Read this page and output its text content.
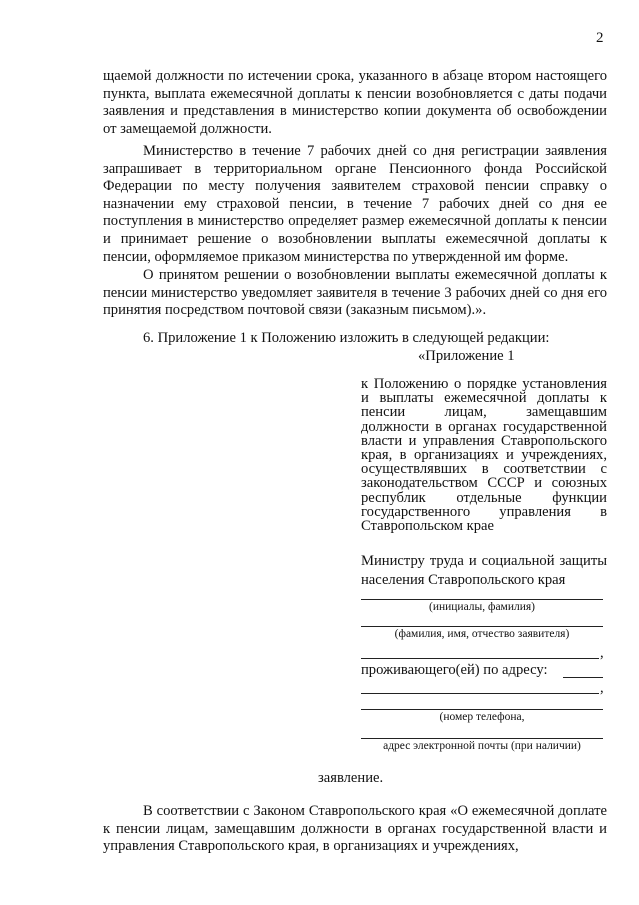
2

щаемой должности по истечении срока, указанного в абзаце втором настоящего пункта, выплата ежемесячной доплаты к пенсии возобновляется с даты подачи заявления и представления в министерство копии документа об освобождении от замещаемой должности.

Министерство в течение 7 рабочих дней со дня регистрации заявления запрашивает в территориальном органе Пенсионного фонда Российской Федерации по месту получения заявителем страховой пенсии справку о назначении ему страховой пенсии, в течение 7 рабочих дней со дня ее поступления в министерство определяет размер ежемесячной доплаты к пенсии и принимает решение о возобновлении выплаты ежемесячной доплаты к пенсии, оформляемое приказом министерства по утвержденной им форме.

О принятом решении о возобновлении выплаты ежемесячной доплаты к пенсии министерство уведомляет заявителя в течение 3 рабочих дней со дня его принятия посредством почтовой связи (заказным письмом).».

6. Приложение 1 к Положению изложить в следующей редакции:

«Приложение 1

к Положению о порядке установления и выплаты ежемесячной доплаты к пенсии лицам, замещавшим должности в органах государственной власти и управления Ставропольского края, в организациях и учреждениях, осуществлявших в соответствии с законодательством СССР и союзных республик отдельные функции государственного управления в Ставропольском крае

Министру труда и социальной защиты населения Ставропольского края

(инициалы, фамилия)
(фамилия, имя, отчество заявителя)
,
проживающего(ей) по адресу:
,
(номер телефона,
адрес электронной почты (при наличии)
заявление.

В соответствии с Законом Ставропольского края «О ежемесячной доплате к пенсии лицам, замещавшим должности в органах государственной власти и управления Ставропольского края, в организациях и учреждениях,
